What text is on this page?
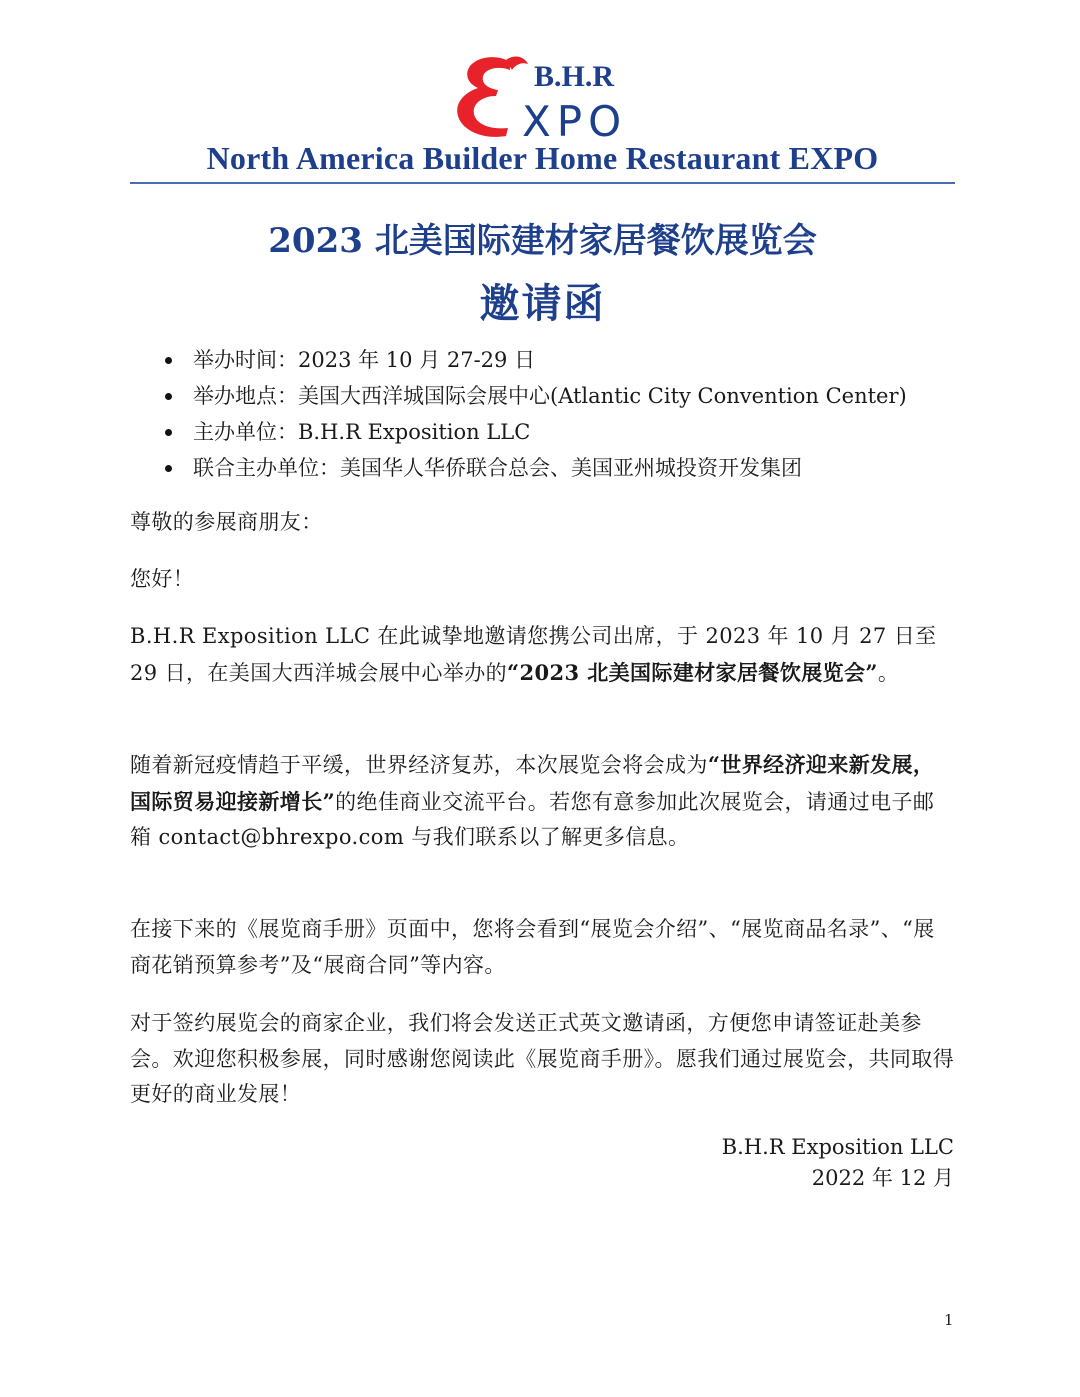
B.H.R
XPO
North America Builder Home Restaurant EXPO
2023 北美国际建材家居餐饮展览会
邀请函
举办时间：2023 年 10 月 27-29 日
举办地点：美国大西洋城国际会展中心(Atlantic City Convention Center)
主办单位：B.H.R Exposition LLC
联合主办单位：美国华人华侨联合总会、美国亚州城投资开发集团

尊敬的参展商朋友：

您好！

B.H.R Exposition LLC 在此诚挚地邀请您携公司出席，于 2023 年 10 月 27 日至 29 日，在美国大西洋城会展中心举办的“2023 北美国际建材家居餐饮展览会”。

随着新冠疫情趋于平缓，世界经济复苏，本次展览会将会成为“世界经济迎来新发展，国际贸易迎接新增长”的绝佳商业交流平台。若您有意参加此次展览会，请通过电子邮箱 contact@bhrexpo.com 与我们联系以了解更多信息。

在接下来的《展览商手册》页面中，您将会看到“展览会介绍”、“展览商品名录”、“展商花销预算参考”及“展商合同”等内容。

对于签约展览会的商家企业，我们将会发送正式英文邀请函，方便您申请签证赴美参会。欢迎您积极参展，同时感谢您阅读此《展览商手册》。愿我们通过展览会，共同取得更好的商业发展！

B.H.R Exposition LLC
2022 年 12 月
1
